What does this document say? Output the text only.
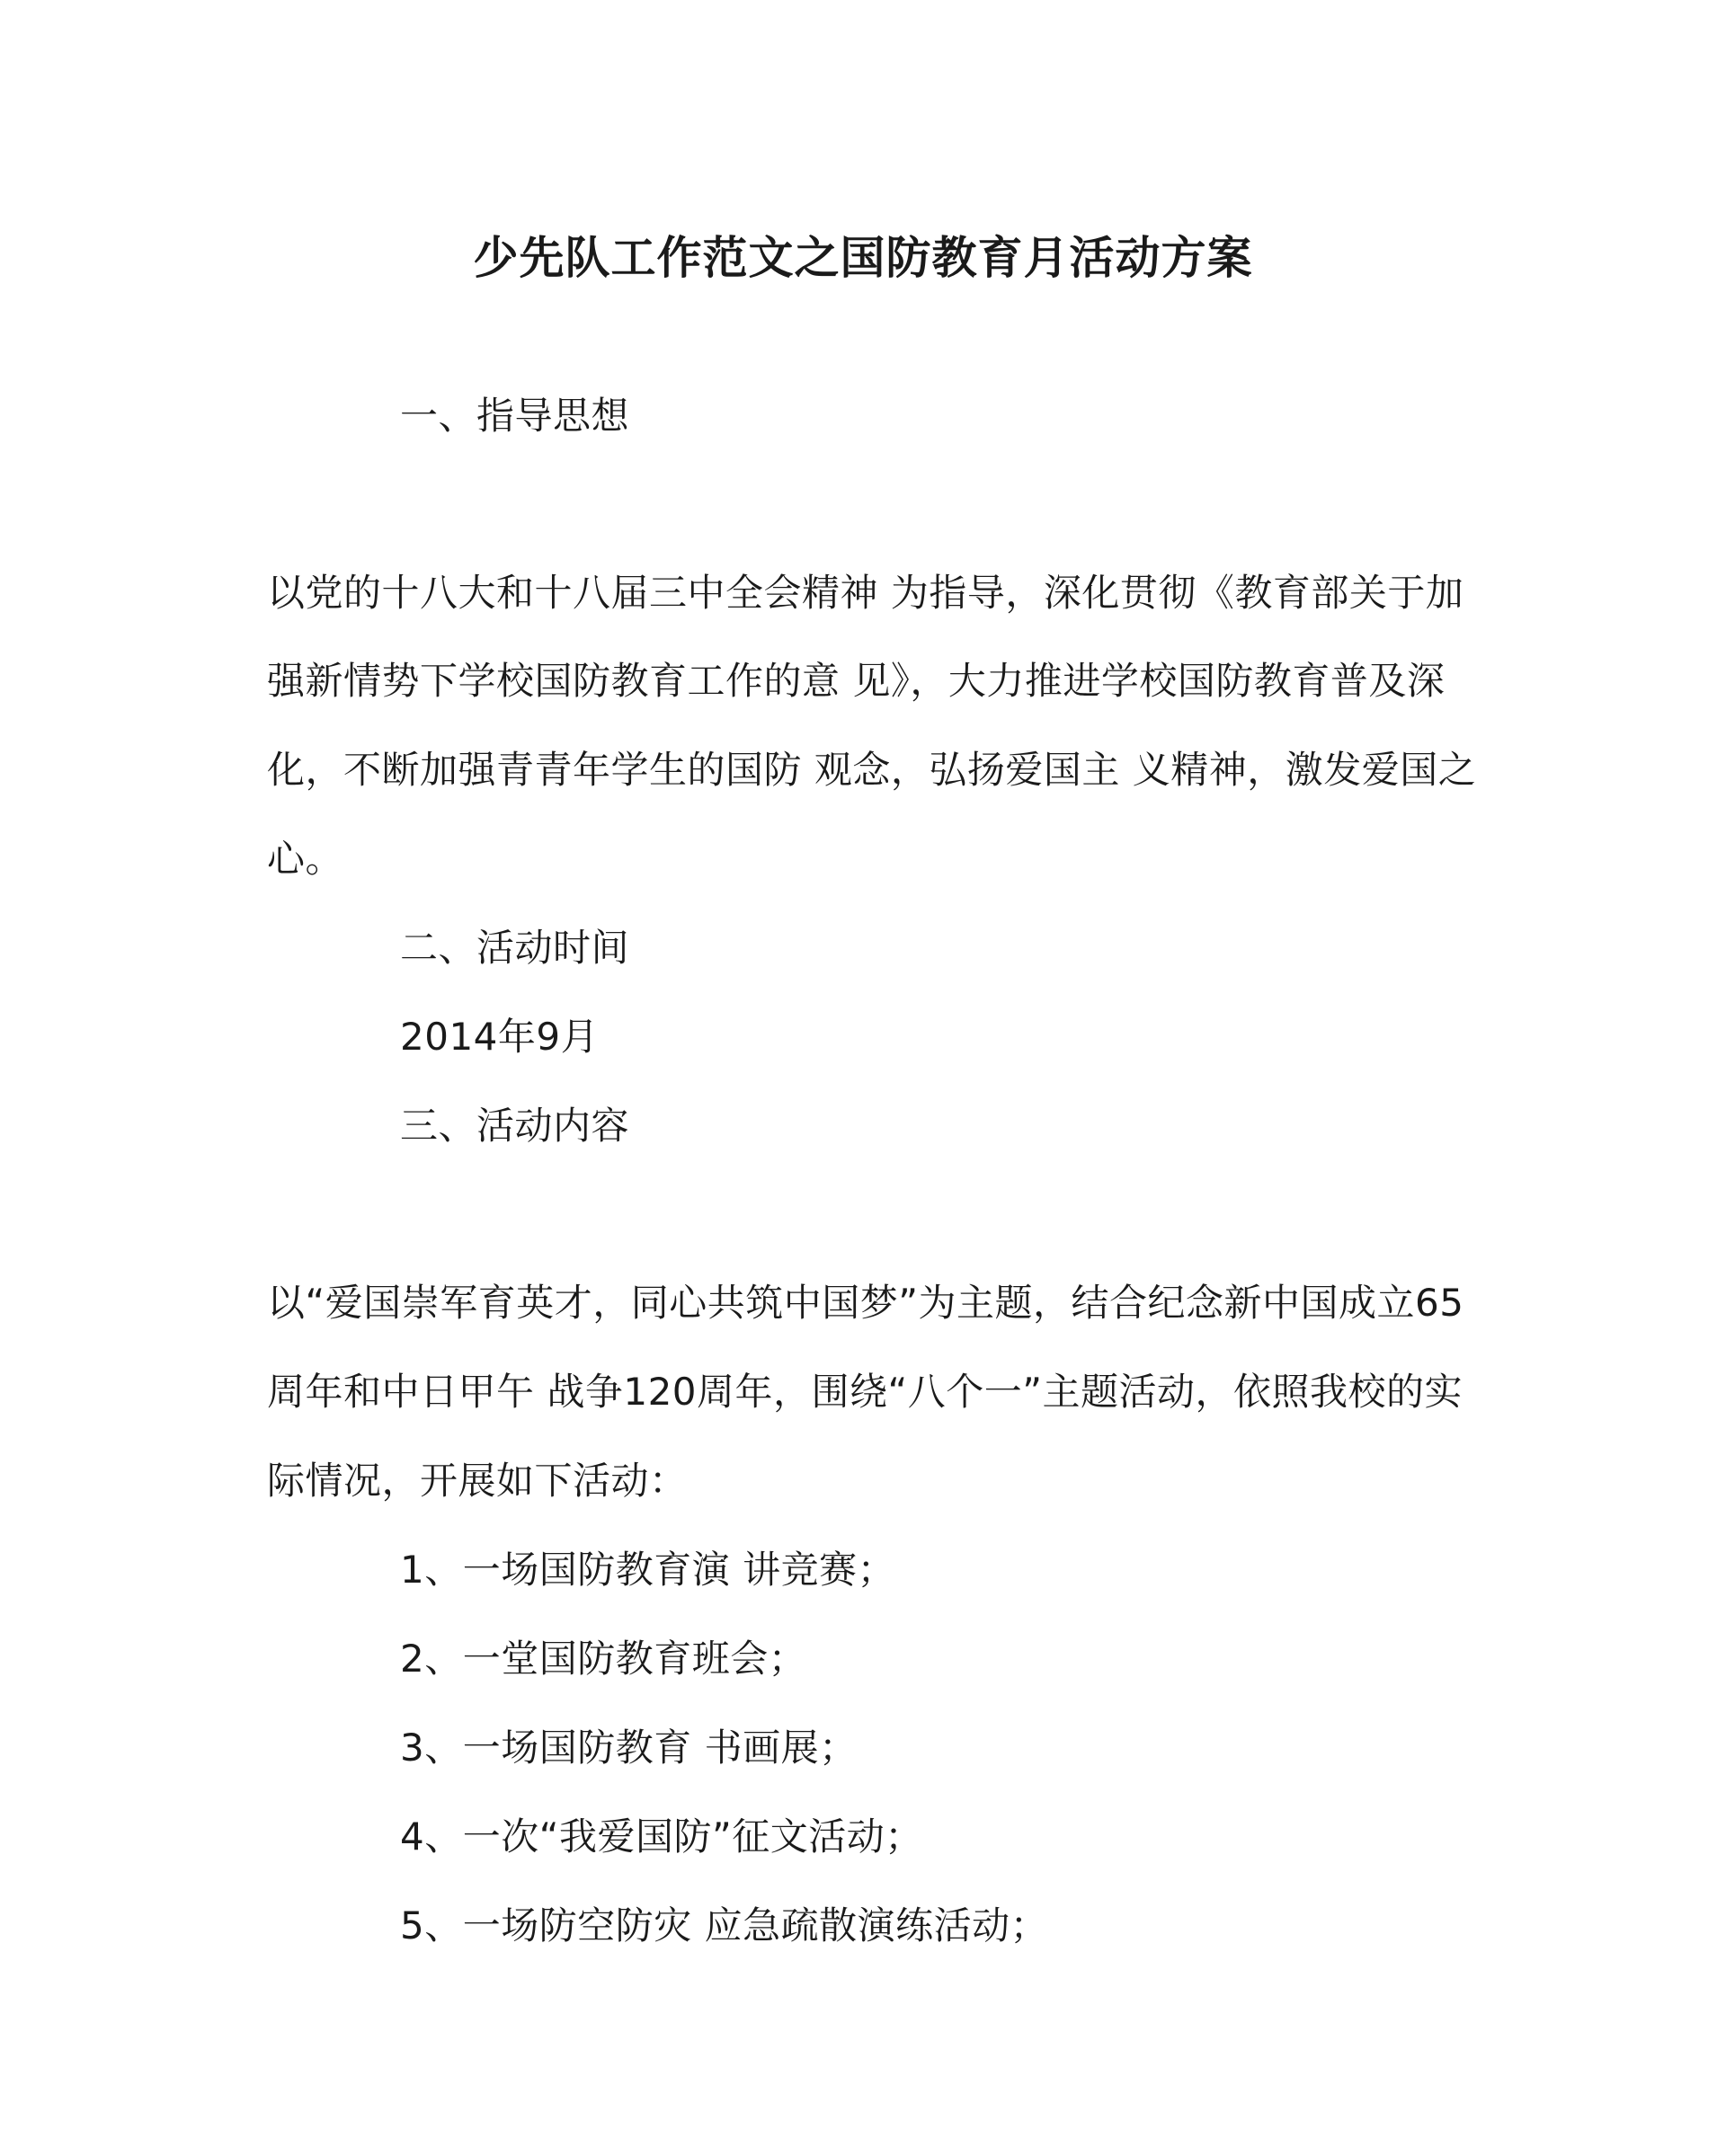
少先队工作范文之国防教育月活动方案

一、指导思想

以党的十八大和十八届三中全会精神 为指导，深化贯彻《教育部关于加

强新情势下学校国防教育工作的意 见》，大力推进学校国防教育普及深

化，不断加强青青年学生的国防 观念，弘扬爱国主 义精神，激发爱国之

心。

二、活动时间

2014年9月

三、活动内容

以“爱国崇军育英才，同心共筑中国梦”为主题，结合纪念新中国成立65

周年和中日甲午 战争120周年，围绕“八个一”主题活动，依照我校的实

际情况，开展如下活动：

1、一场国防教育演 讲竞赛；

2、一堂国防教育班会；

3、一场国防教育 书画展；

4、一次“我爱国防”征文活动；

5、一场防空防灾 应急疏散演练活动；
